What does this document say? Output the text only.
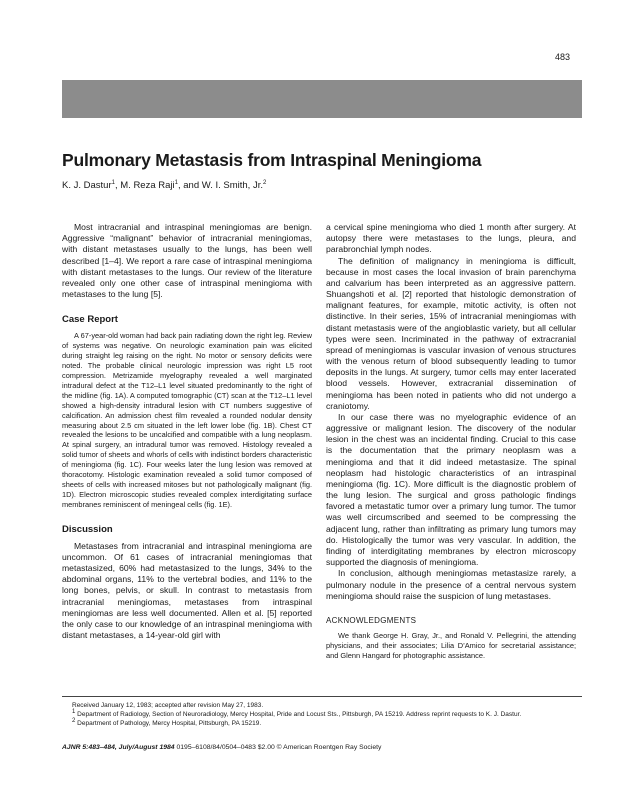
483
Pulmonary Metastasis from Intraspinal Meningioma
K. J. Dastur$^1$, M. Reza Raji$^1$, and W. I. Smith, Jr.$^2$

Most intracranial and intraspinal meningiomas are benign. Aggressive “malignant” behavior of intracranial meningiomas, with distant metastases usually to the lungs, has been well described [1–4]. We report a rare case of intraspinal meningioma with distant metastases to the lungs. Our review of the literature revealed only one other case of intraspinal meningioma with metastases to the lung [5].

Case Report

A 67-year-old woman had back pain radiating down the right leg. Review of systems was negative. On neurologic examination pain was elicited during straight leg raising on the right. No motor or sensory deficits were noted. The probable clinical neurologic impression was right L5 root compression. Metrizamide myelography revealed a well marginated intradural defect at the T12–L1 level situated predominantly to the right of the midline (fig. 1A). A computed tomographic (CT) scan at the T12–L1 level showed a high-density intradural lesion with CT numbers suggestive of calcification. An admission chest film revealed a rounded nodular density measuring about 2.5 cm situated in the left lower lobe (fig. 1B). Chest CT revealed the lesions to be uncalcified and compatible with a lung neoplasm. At spinal surgery, an intradural tumor was removed. Histology revealed a solid tumor of sheets and whorls of cells with indistinct borders characteristic of meningioma (fig. 1C). Four weeks later the lung lesion was removed at thoracotomy. Histologic examination revealed a solid tumor composed of sheets of cells with increased mitoses but not pathologically malignant (fig. 1D). Electron microscopic studies revealed complex interdigitating surface membranes reminiscent of meningeal cells (fig. 1E).

Discussion

Metastases from intracranial and intraspinal meningioma are uncommon. Of 61 cases of intracranial meningiomas that metastasized, 60% had metastasized to the lungs, 34% to the abdominal organs, 11% to the vertebral bodies, and 11% to the long bones, pelvis, or skull. In contrast to metastasis from intracranial meningiomas, metastases from intraspinal meningiomas are less well documented. Allen et al. [5] reported the only case to our knowledge of an intraspinal meningioma with distant metastases, a 14-year-old girl with

a cervical spine meningioma who died 1 month after surgery. At autopsy there were metastases to the lungs, pleura, and parabronchial lymph nodes.

The definition of malignancy in meningioma is difficult, because in most cases the local invasion of brain parenchyma and calvarium has been interpreted as an aggressive pattern. Shuangshoti et al. [2] reported that histologic demonstration of malignant features, for example, mitotic activity, is often not distinctive. In their series, 15% of intracranial meningiomas with distant metastasis were of the angioblastic variety, but all cellular types were seen. Incriminated in the pathway of extracranial spread of meningiomas is vascular invasion of venous structures with the venous return of blood subsequently leading to tumor deposits in the lungs. At surgery, tumor cells may enter lacerated blood vessels. However, extracranial dissemination of meningioma has been noted in patients who did not undergo a craniotomy.

In our case there was no myelographic evidence of an aggressive or malignant lesion. The discovery of the nodular lesion in the chest was an incidental finding. Crucial to this case is the documentation that the primary neoplasm was a meningioma and that it did indeed metastasize. The spinal neoplasm had histologic characteristics of an intraspinal meningioma (fig. 1C). More difficult is the diagnostic problem of the lung lesion. The surgical and gross pathologic findings favored a metastatic tumor over a primary lung tumor. The tumor was well circumscribed and seemed to be compressing the adjacent lung, rather than infiltrating as primary lung tumors may do. Histologically the tumor was very vascular. In addition, the finding of interdigitating membranes by electron microscopy supported the diagnosis of meningioma.

In conclusion, although meningiomas metastasize rarely, a pulmonary nodule in the presence of a central nervous system meningioma should raise the suspicion of lung metastases.

ACKNOWLEDGMENTS

We thank George H. Gray, Jr., and Ronald V. Pellegrini, the attending physicians, and their associates; Lilia D’Amico for secretarial assistance; and Glenn Hangard for photographic assistance.

Received January 12, 1983; accepted after revision May 27, 1983.
$^1$ Department of Radiology, Section of Neuroradiology, Mercy Hospital, Pride and Locust Sts., Pittsburgh, PA 15219. Address reprint requests to K. J. Dastur.
$^2$ Department of Pathology, Mercy Hospital, Pittsburgh, PA 15219.
AJNR 5:483–484, July/August 1984 0195–6108/84/0504–0483 $2.00 © American Roentgen Ray Society
